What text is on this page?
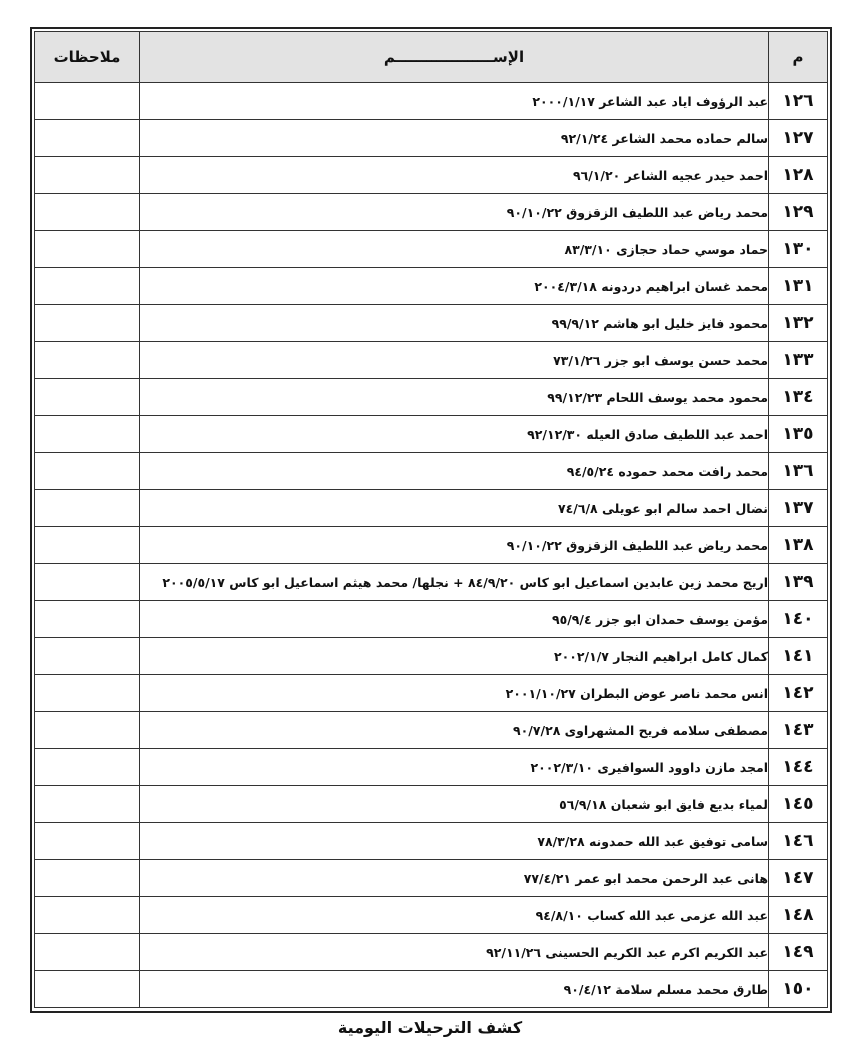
م	الإســـــــــــــــــــم	ملاحظات
١٢٦	عبد الرؤوف اياد عبد الشاعر ٢٠٠٠/١/١٧	
١٢٧	سالم حماده محمد الشاعر ٩٢/١/٢٤	
١٢٨	احمد حيدر عجيه الشاعر ٩٦/١/٢٠	
١٢٩	محمد رياض عبد اللطيف الزقزوق ٩٠/١٠/٢٢	
١٣٠	حماد موسي حماد حجازى ٨٣/٣/١٠	
١٣١	محمد غسان ابراهيم دردونه ٢٠٠٤/٣/١٨	
١٣٢	محمود فايز خليل ابو هاشم ٩٩/٩/١٢	
١٣٣	محمد حسن يوسف ابو جزر ٧٣/١/٢٦	
١٣٤	محمود محمد يوسف اللحام ٩٩/١٢/٢٣	
١٣٥	احمد عبد اللطيف صادق العيله ٩٢/١٢/٣٠	
١٣٦	محمد رافت محمد حموده ٩٤/٥/٢٤	
١٣٧	نضال احمد سالم ابو عويلى ٧٤/٦/٨	
١٣٨	محمد رياض عبد اللطيف الزقزوق ٩٠/١٠/٢٢	
١٣٩	اريج محمد زين عابدين اسماعيل ابو كاس ٨٤/٩/٢٠ + نجلها/ محمد هيثم اسماعيل ابو كاس ٢٠٠٥/٥/١٧	
١٤٠	مؤمن يوسف حمدان ابو جزر ٩٥/٩/٤	
١٤١	كمال كامل ابراهيم النجار ٢٠٠٢/١/٧	
١٤٢	انس محمد ناصر عوض البطران ٢٠٠١/١٠/٢٧	
١٤٣	مصطفى سلامه فريح المشهراوى ٩٠/٧/٢٨	
١٤٤	امجد مازن داوود السوافيرى ٢٠٠٢/٣/١٠	
١٤٥	لمياء بديع فايق ابو شعبان ٥٦/٩/١٨	
١٤٦	سامى توفيق عبد الله حمدونه ٧٨/٣/٢٨	
١٤٧	هانى عبد الرحمن محمد ابو عمر ٧٧/٤/٢١	
١٤٨	عبد الله عزمى عبد الله كساب ٩٤/٨/١٠	
١٤٩	عبد الكريم اكرم عبد الكريم الحسينى ٩٢/١١/٢٦	
١٥٠	طارق محمد مسلم سلامة ٩٠/٤/١٢	
كشف الترحيلات اليومية
